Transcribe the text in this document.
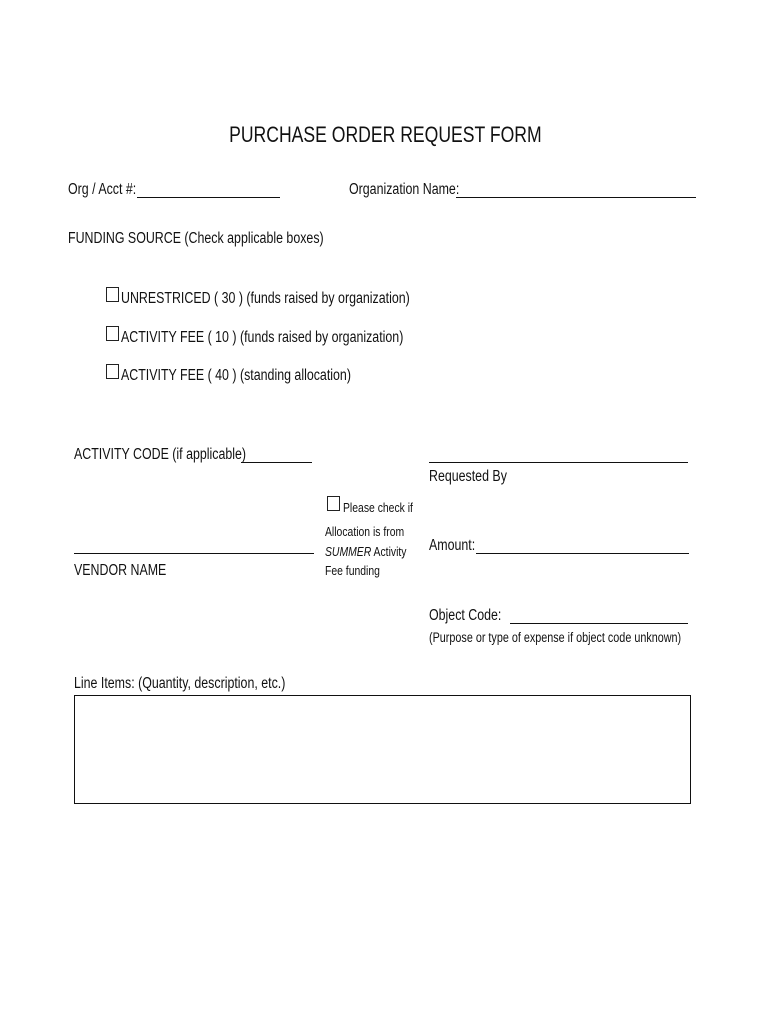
PURCHASE ORDER REQUEST FORM
Org / Acct #:	Organization Name:
FUNDING SOURCE (Check applicable boxes)
UNRESTRICED ( 30 ) (funds raised by organization)
ACTIVITY FEE ( 10 ) (funds raised by organization)
ACTIVITY FEE ( 40 ) (standing allocation)
ACTIVITY CODE (if applicable)
Requested By
Please check if
Allocation is from
SUMMER Activity
Fee funding
VENDOR NAME
Amount:
Object Code:
(Purpose or type of expense if object code unknown)
Line Items: (Quantity, description, etc.)
